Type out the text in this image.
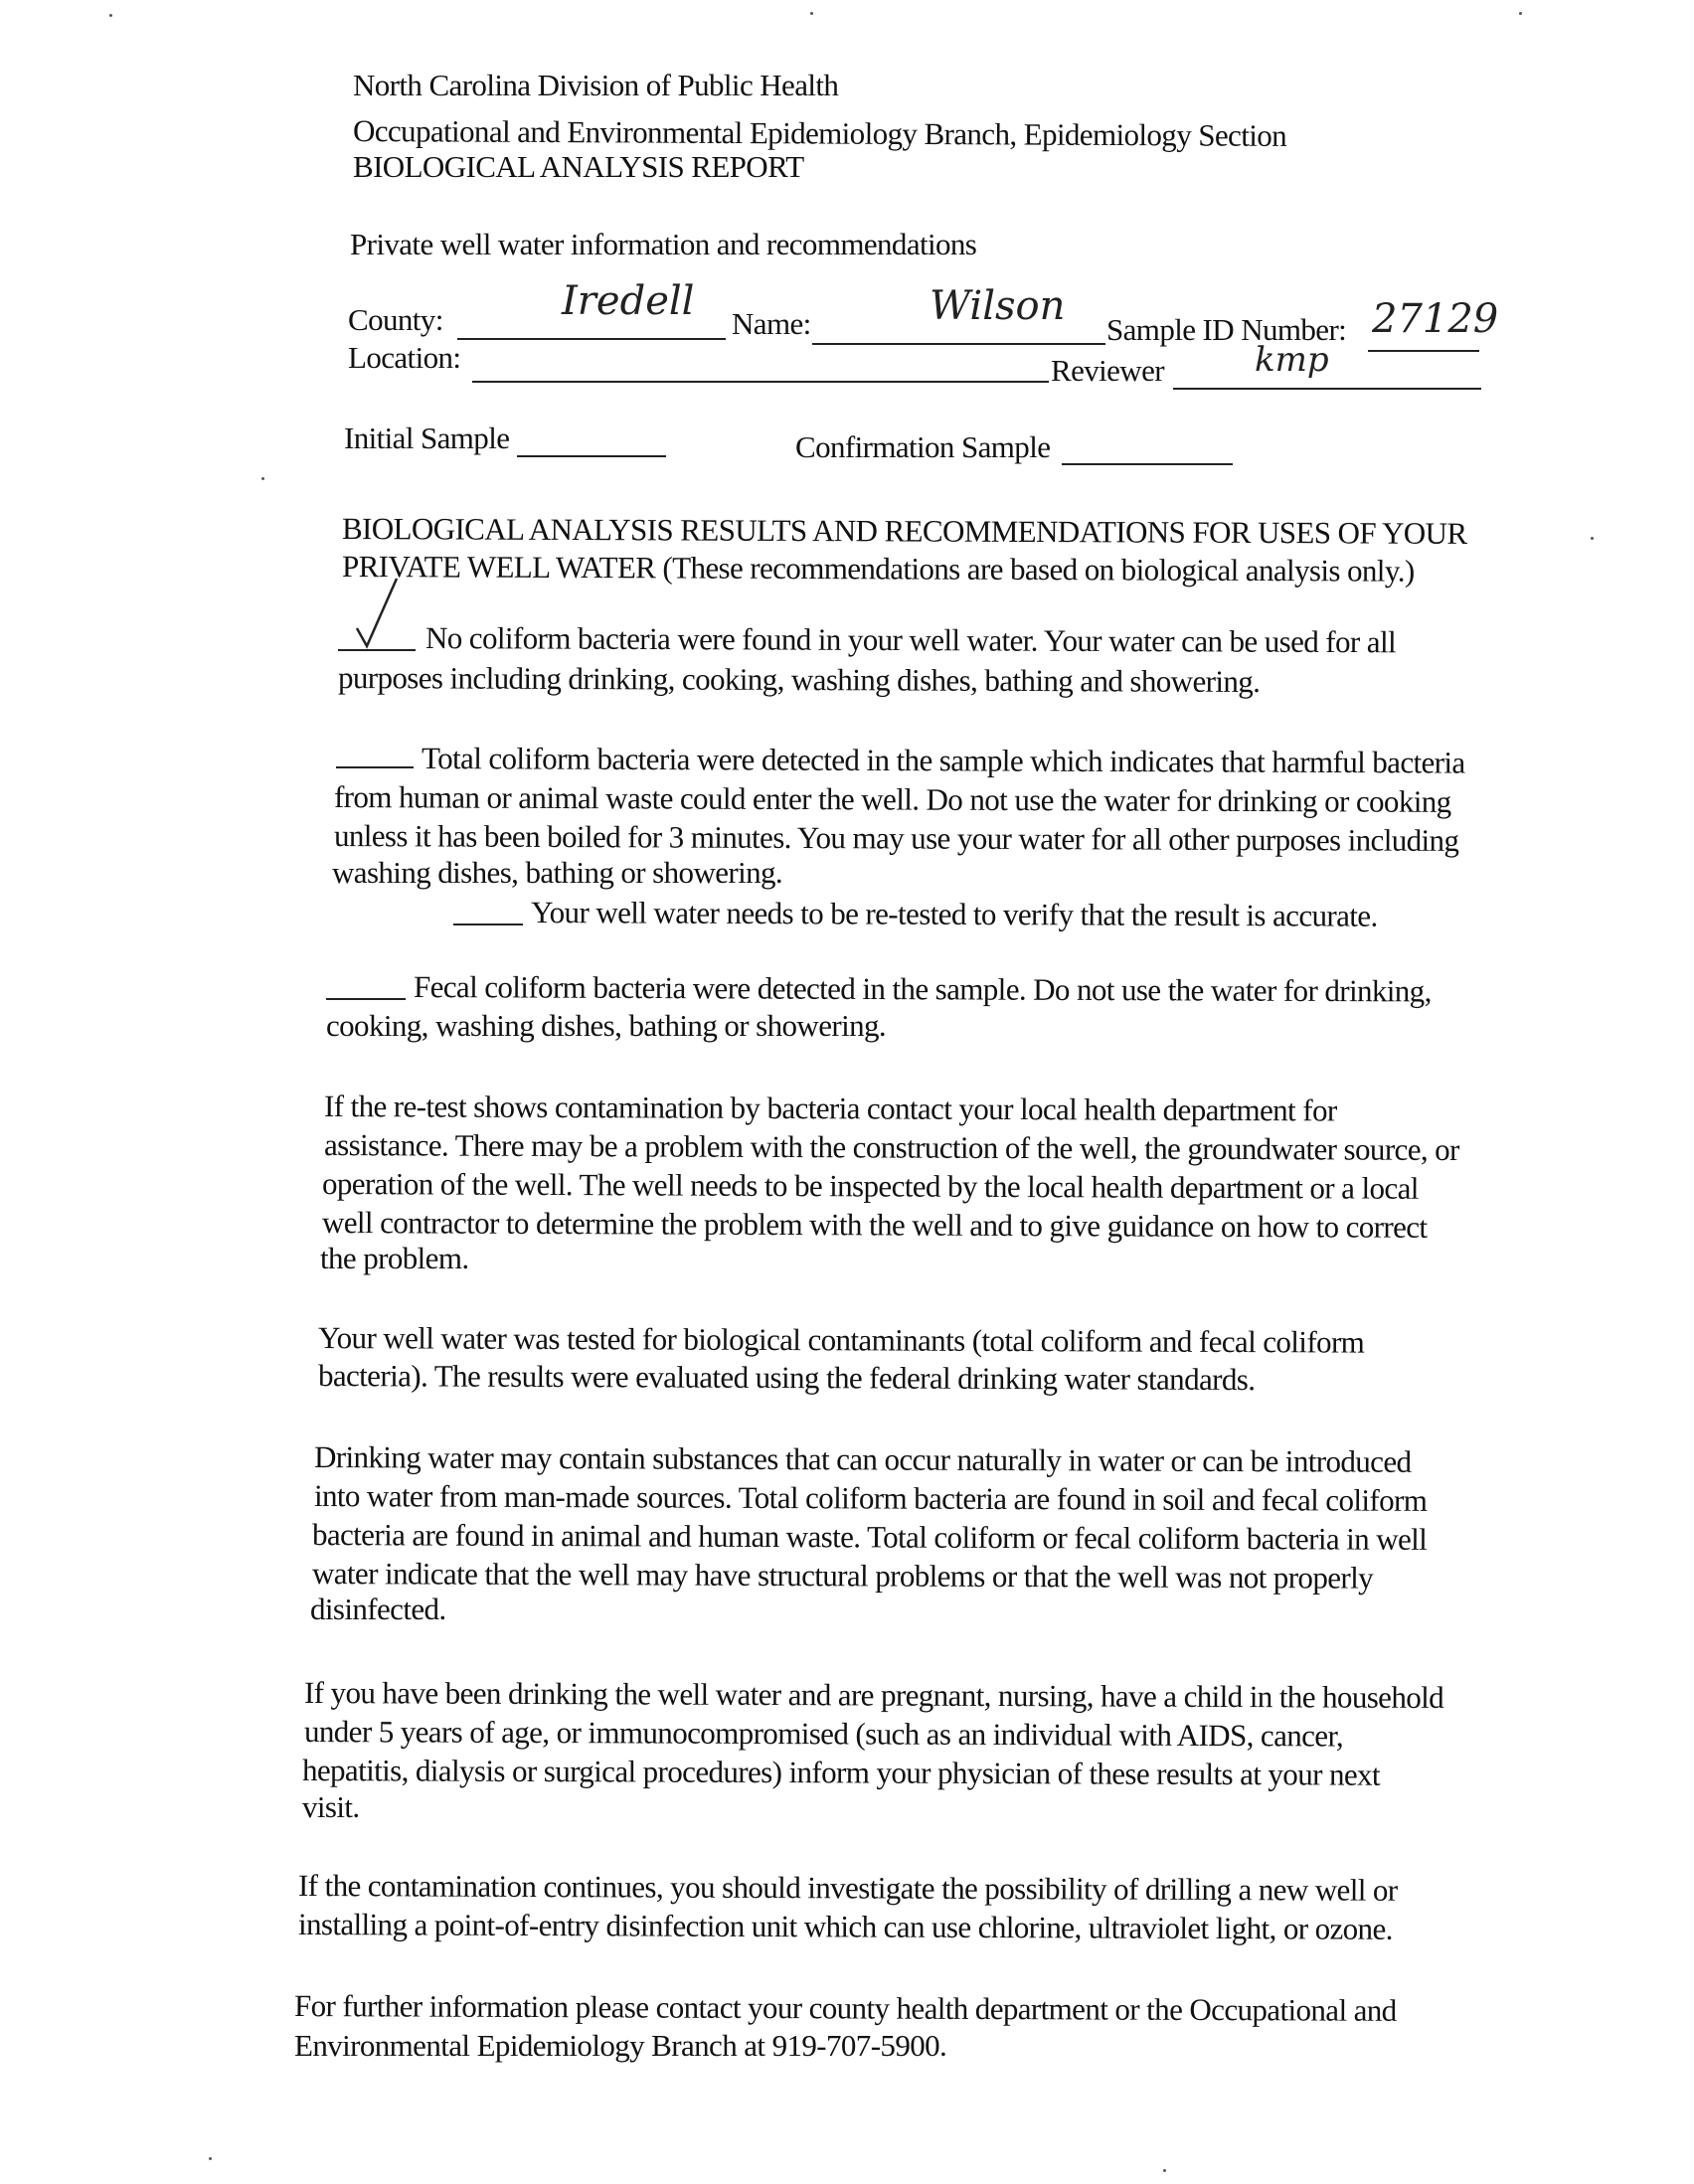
North Carolina Division of Public Health
Occupational and Environmental Epidemiology Branch, Epidemiology Section
BIOLOGICAL ANALYSIS REPORT
Private well water information and recommendations
County:	Iredell Name:	Wilson
Sample ID Number: 27129
Location:	Reviewer	kmp
Initial Sample	Confirmation Sample
BIOLOGICAL ANALYSIS RESULTS AND RECOMMENDATIONS FOR USES OF YOUR
PRIVATE WELL WATER (These recommendations are based on biological analysis only.)
No coliform bacteria were found in your well water. Your water can be used for all
purposes including drinking, cooking, washing dishes, bathing and showering.
Total coliform bacteria were detected in the sample which indicates that harmful bacteria
from human or animal waste could enter the well. Do not use the water for drinking or cooking
unless it has been boiled for 3 minutes. You may use your water for all other purposes including
washing dishes, bathing or showering.
Your well water needs to be re-tested to verify that the result is accurate.
Fecal coliform bacteria were detected in the sample. Do not use the water for drinking,
cooking, washing dishes, bathing or showering.
If the re-test shows contamination by bacteria contact your local health department for
assistance. There may be a problem with the construction of the well, the groundwater source, or
operation of the well. The well needs to be inspected by the local health department or a local
well contractor to determine the problem with the well and to give guidance on how to correct
the problem.
Your well water was tested for biological contaminants (total coliform and fecal coliform
bacteria). The results were evaluated using the federal drinking water standards.
Drinking water may contain substances that can occur naturally in water or can be introduced
into water from man-made sources. Total coliform bacteria are found in soil and fecal coliform
bacteria are found in animal and human waste. Total coliform or fecal coliform bacteria in well
water indicate that the well may have structural problems or that the well was not properly
disinfected.
If you have been drinking the well water and are pregnant, nursing, have a child in the household
under 5 years of age, or immunocompromised (such as an individual with AIDS, cancer,
hepatitis, dialysis or surgical procedures) inform your physician of these results at your next
visit.
If the contamination continues, you should investigate the possibility of drilling a new well or
installing a point-of-entry disinfection unit which can use chlorine, ultraviolet light, or ozone.
For further information please contact your county health department or the Occupational and
Environmental Epidemiology Branch at 919-707-5900.
